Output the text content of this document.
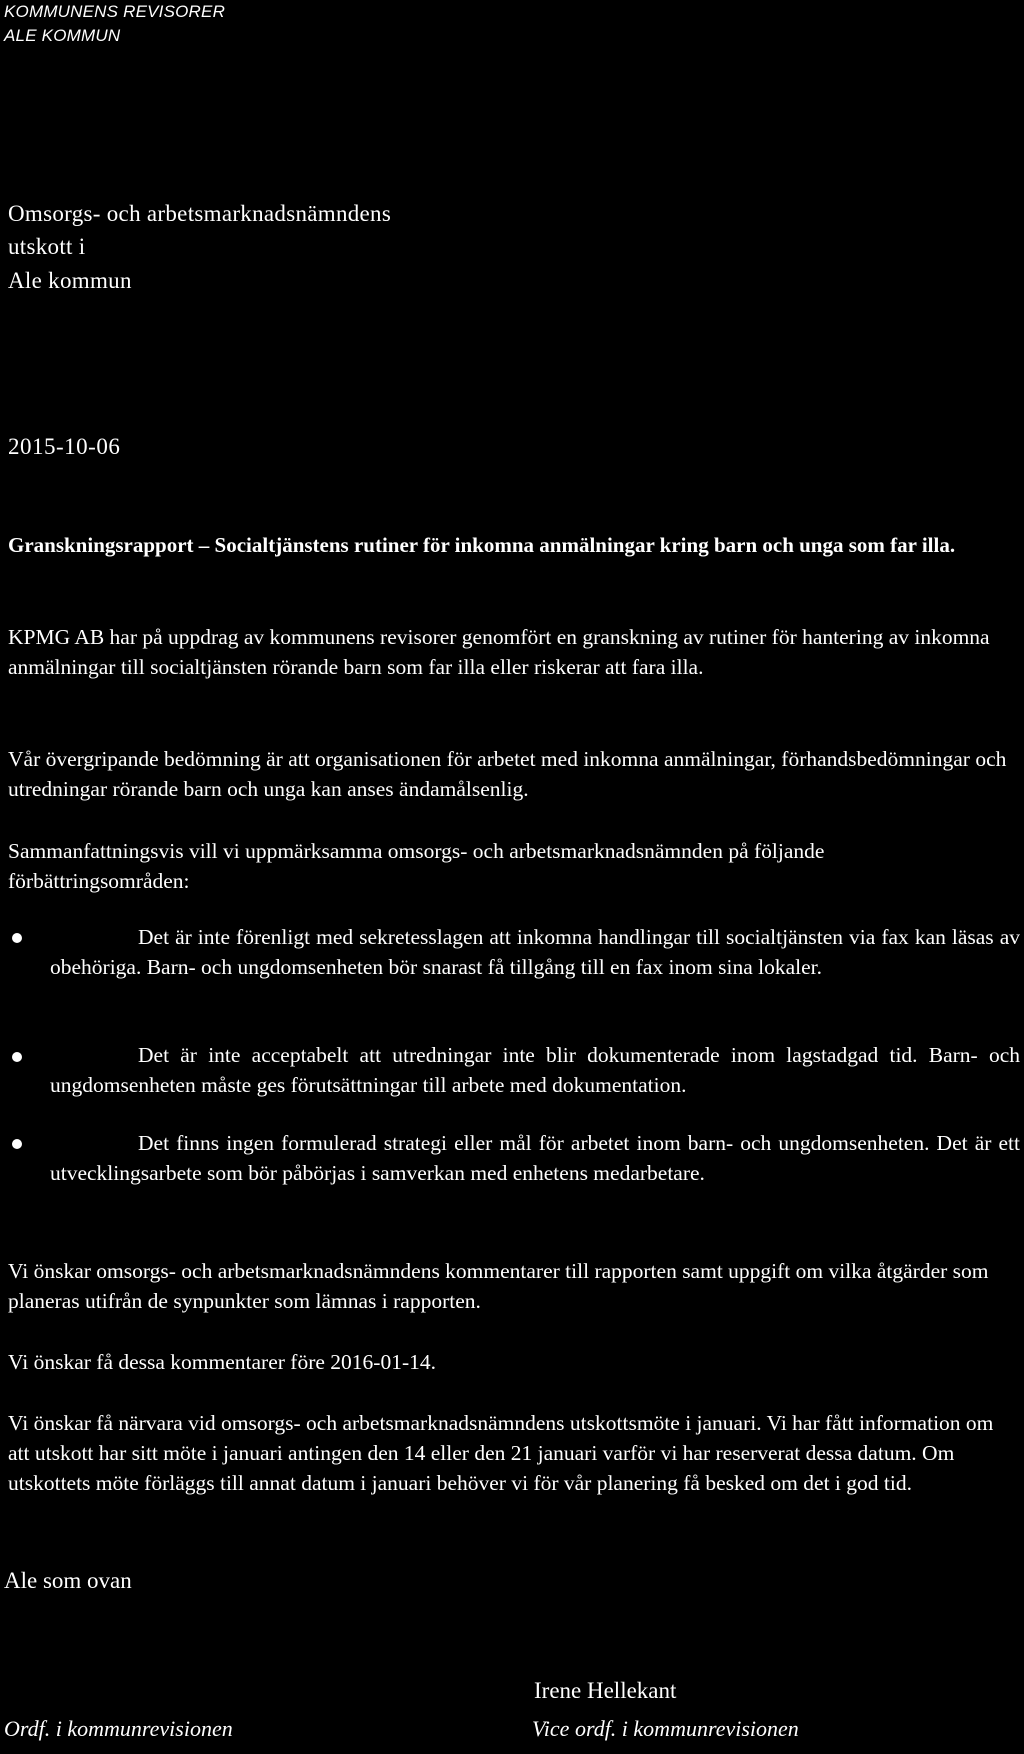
KOMMUNENS REVISORER
ALE KOMMUN
Omsorgs- och arbetsmarknadsnämndens
utskott i
Ale kommun
2015-10-06
Granskningsrapport – Socialtjänstens rutiner för inkomna anmälningar kring barn och unga som far illa.
KPMG AB har på uppdrag av kommunens revisorer genomfört en granskning av rutiner för hantering av inkomna anmälningar till socialtjänsten rörande barn som far illa eller riskerar att fara illa.
Vår övergripande bedömning är att organisationen för arbetet med inkomna anmälningar, förhandsbedömningar och utredningar rörande barn och unga kan anses ändamålsenlig.
Sammanfattningsvis vill vi uppmärksamma omsorgs- och arbetsmarknadsnämnden på följande förbättringsområden:
Det är inte förenligt med sekretesslagen att inkomna handlingar till socialtjänsten via fax kan läsas av obehöriga. Barn- och ungdomsenheten bör snarast få tillgång till en fax inom sina lokaler.
Det är inte acceptabelt att utredningar inte blir dokumenterade inom lagstadgad tid. Barn- och ungdomsenheten måste ges förutsättningar till arbete med dokumentation.
Det finns ingen formulerad strategi eller mål för arbetet inom barn- och ungdomsenheten. Det är ett utvecklingsarbete som bör påbörjas i samverkan med enhetens medarbetare.
Vi önskar omsorgs- och arbetsmarknadsnämndens kommentarer till rapporten samt uppgift om vilka åtgärder som planeras utifrån de synpunkter som lämnas i rapporten.
Vi önskar få dessa kommentarer före 2016-01-14.
Vi önskar få närvara vid omsorgs- och arbetsmarknadsnämndens utskottsmöte i januari. Vi har fått information om att utskott har sitt möte i januari antingen den 14 eller den 21 januari varför vi har reserverat dessa datum. Om utskottets möte förläggs till annat datum i januari behöver vi för vår planering få besked om det i god tid.
Ale som ovan
Ordf. i kommunrevisionen
Irene Hellekant
Vice ordf. i kommunrevisionen
